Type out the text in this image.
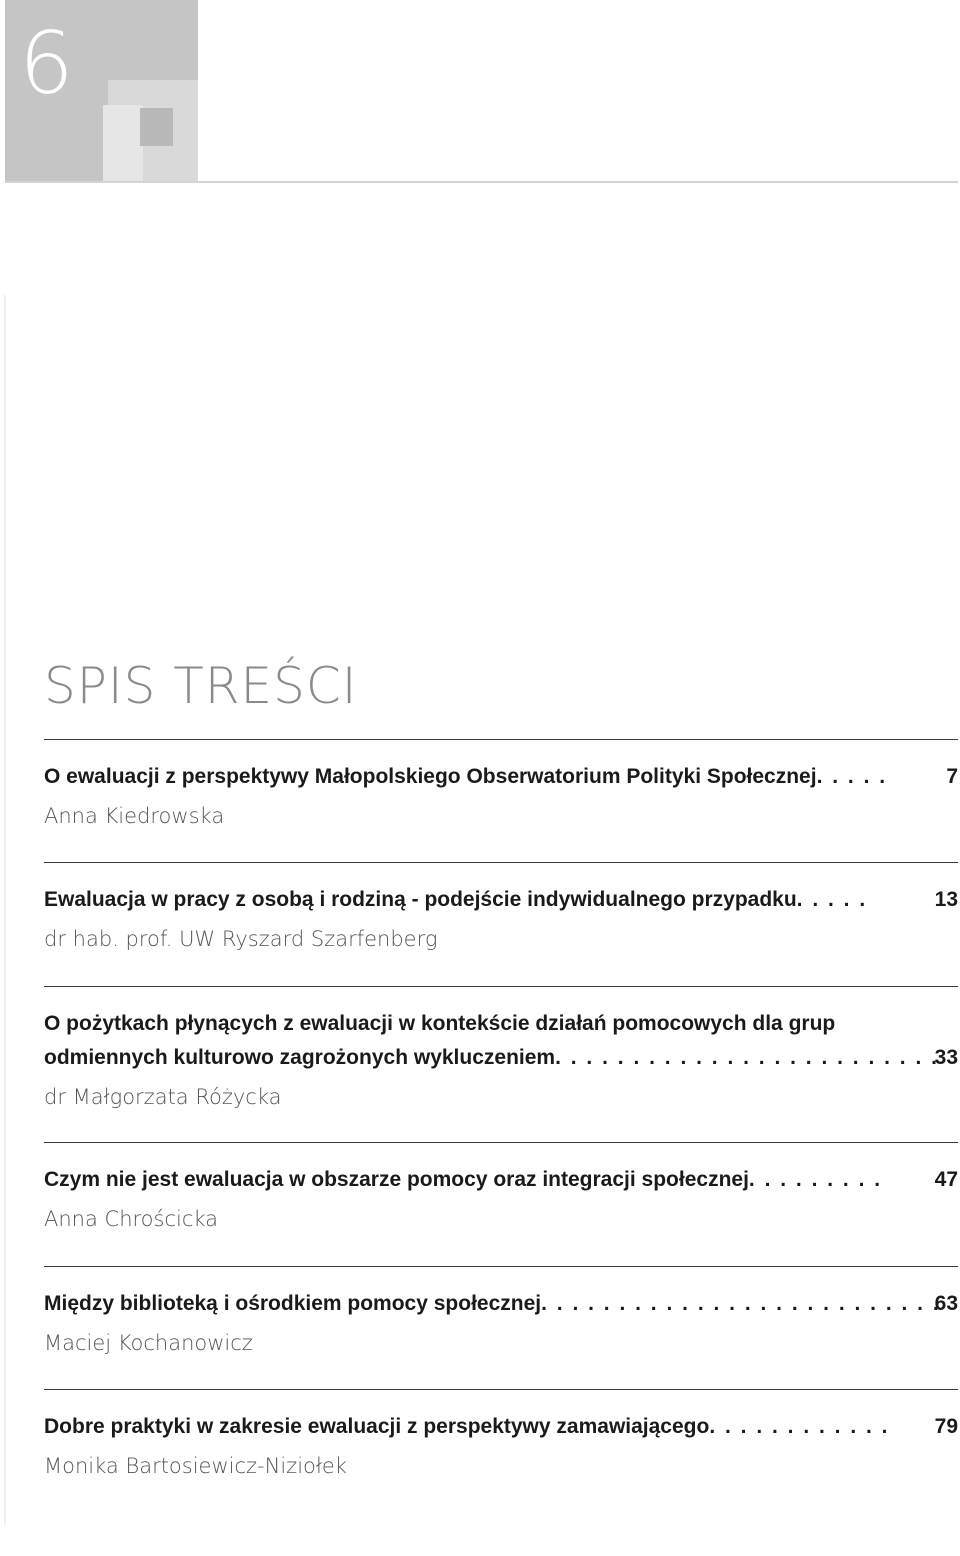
6
SPIS TREŚCI
O ewaluacji z perspektywy Małopolskiego Obserwatorium Polityki Społecznej. . . . .	7
Anna Kiedrowska
Ewaluacja w pracy z osobą i rodziną - podejście indywidualnego przypadku. . . . .	13
dr hab. prof. UW Ryszard Szarfenberg
O pożytkach płynących z ewaluacji w kontekście działań pomocowych dla grup
odmiennych kulturowo zagrożonych wykluczeniem. . . . . . . . . . . . . . . . . . . . . . . . .
33
dr Małgorzata Różycka
Czym nie jest ewaluacja w obszarze pomocy oraz integracji społecznej. . . . . . . . .	47
Anna Chrościcka
Między biblioteką i ośrodkiem pomocy społecznej. . . . . . . . . . . . . . . . . . . . . . . . . .
63
Maciej Kochanowicz
Dobre praktyki w zakresie ewaluacji z perspektywy zamawiającego. . . . . . . . . . . . 79
Monika Bartosiewicz-Niziołek
